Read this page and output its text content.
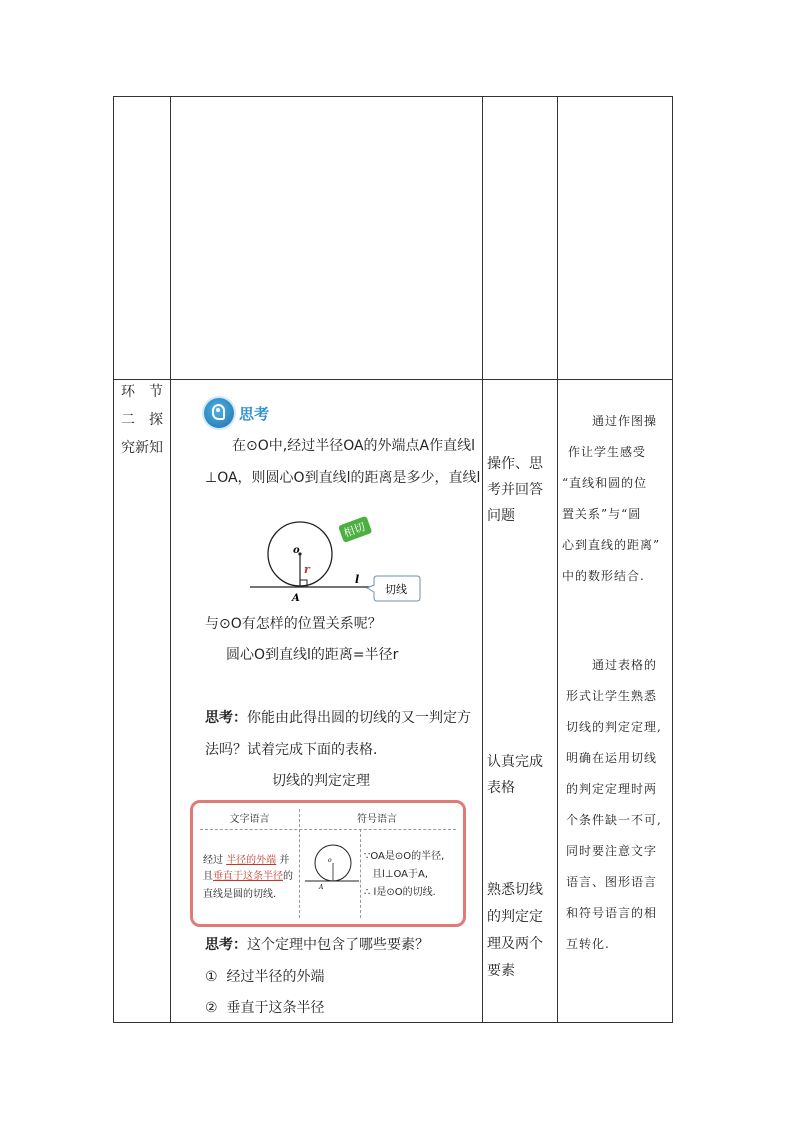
环　节
二　探
究新知
思考
在⊙O中,经过半径OA的外端点A作直线l
⊥OA，则圆心O到直线l的距离是多少，直线l
o
r
A
l
相切
切线
与⊙O有怎样的位置关系呢？
圆心O到直线l的距离=半径r
思考：你能由此得出圆的切线的又一判定方
法吗？试着完成下面的表格.
切线的判定定理
文字语言	符号语言
经过 半径的外端 并
且垂直于这条半径的
直线是圆的切线.
o
A
∵OA是⊙O的半径,
且l⊥OA于A,
∴ l是⊙O的切线.
思考：这个定理中包含了哪些要素？
① 经过半径的外端
② 垂直于这条半径
操作、思
考并回答
问题
认真完成
表格
熟悉切线
的判定定
理及两个
要素
通过作图操
作让学生感受
“直线和圆的位
置关系”与“圆
心到直线的距离”
中的数形结合.
通过表格的
形式让学生熟悉
切线的判定定理,
明确在运用切线
的判定定理时两
个条件缺一不可,
同时要注意文字
语言、图形语言
和符号语言的相
互转化.
